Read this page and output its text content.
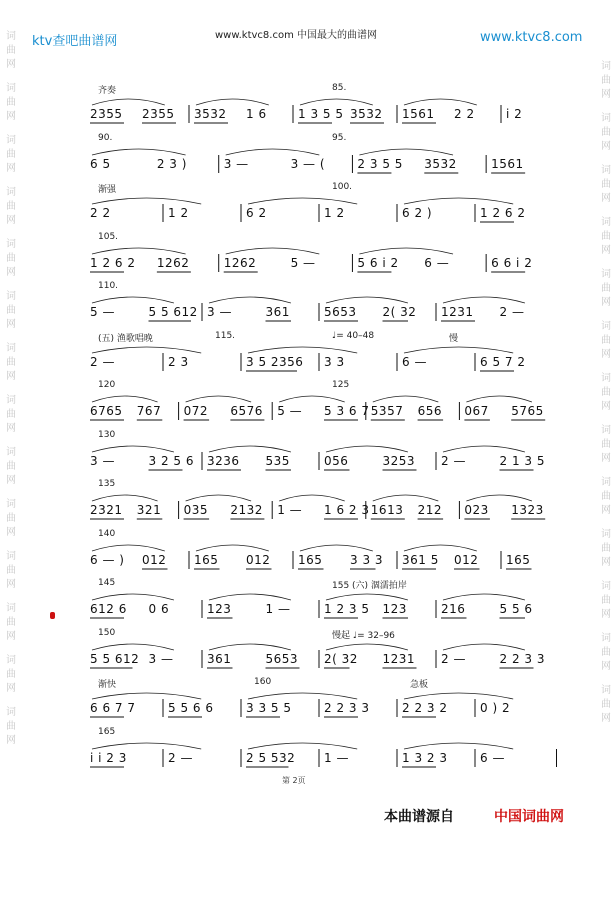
词
曲
网
词
曲
网
词
曲
网
词
曲
网
词
曲
网
词
曲
网
词
曲
网
词
曲
网
词
曲
网
词
曲
网
词
曲
网
词
曲
网
词
曲
网
词
曲
网
词
曲
网
词
曲
网
词
曲
网
词
曲
网
词
曲
网
词
曲
网
词
曲
网
词
曲
网
词
曲
网
词
曲
网
词
曲
网
词
曲
网
词
曲
网
ktv查吧曲谱网	www.ktvc8.com 中国最大的曲谱网	www.ktvc8.com
齐奏	85.
2355 2355 3532 1 6	1 3 5 5 3532 1561 2 2	i 2
90.	95.
6 5	2 3 )	3 —	3 — (	2 3 5 5 3532	1561
渐强	100.
2 2	1 2	6 2	1 2	6 2 )	1 2 6 2
105.
1 2 6 2 1262	1262	5 —	5 6 i 2 6 —	6 6 i 2
110.
5 —	5 5 612 3 —	361	5653 2( 32 1231 2 —
(五) 渔歌唱晚	115.	♩= 40–48	慢
2 —	2 3	3 5 2356 3 3	6 —	6 5 7 2
120	125
6765 767 072 6576 5 — 5 3 6 7 5357 656 067 5765
130
3 —	3 2 5 6 3236 535	056	3253 2 —	2 1 3 5
135
2321 321 035 2132 1 — 1 6 2 3 1613 212 023 1323
140
6 — ) 012 165 012 165 3 3 3 361 5 012 165
145	155 (六) 涸濡拍岸
612 6 0 6	123	1 —	1 2 3 5 123	216	5 5 6
150	慢起 ♩= 32–96
5 5 612 3 —	361	5653 2( 32 1231 2 —	2 2 3 3
渐快	160	急板
6 6 7 7	5 5 6 6	3 3 5 5	2 2 3 3	2 2 3 2	0 ) 2
165
i i 2 3	2 —	2 5 532 1 —	1 3 2 3	6 —
第 2页
本曲谱源自	中国词曲网
